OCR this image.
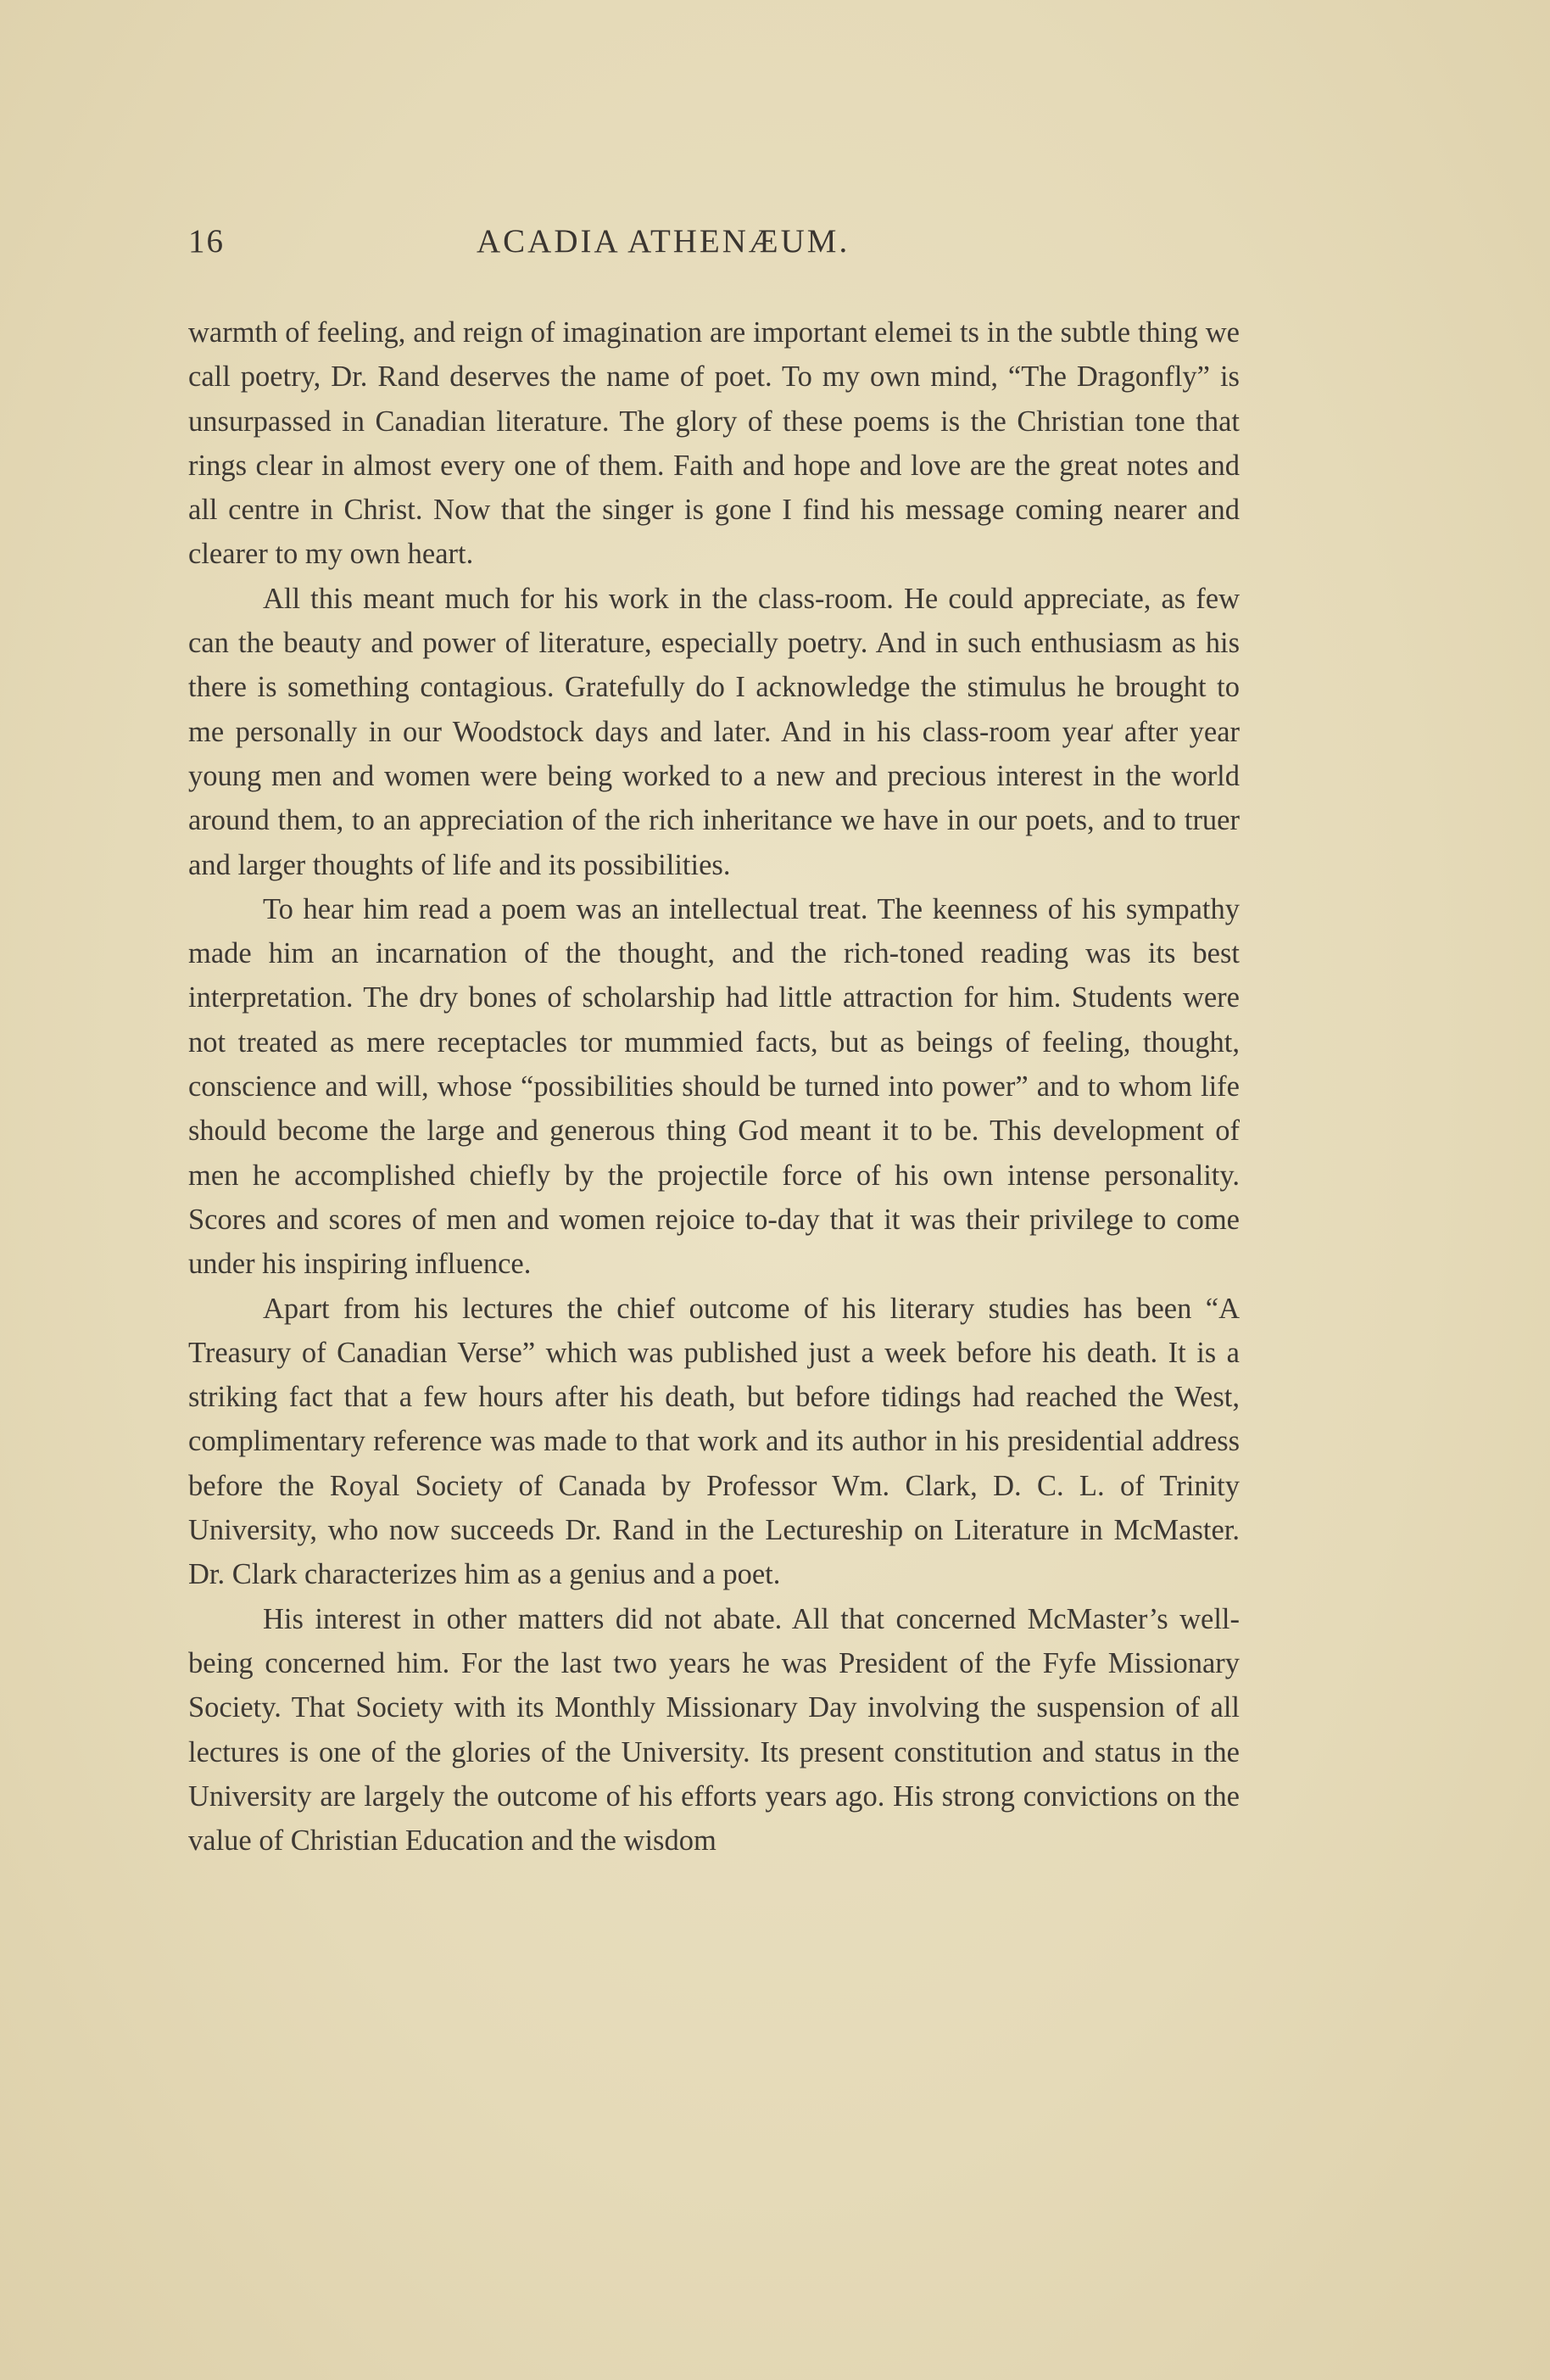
16	ACADIA ATHENÆUM.

warmth of feeling, and reign of imagination are important elemei ts in the subtle thing we call poetry, Dr. Rand deserves the name of poet. To my own mind, “The Dragonfly” is unsurpassed in Canadian literature. The glory of these poems is the Christian tone that rings clear in almost every one of them. Faith and hope and love are the great notes and all centre in Christ. Now that the singer is gone I find his message coming nearer and clearer to my own heart.

All this meant much for his work in the class-room. He could appreciate, as few can the beauty and power of literature, especially poetry. And in such enthusiasm as his there is something contagious. Gratefully do I acknowledge the stimulus he brought to me personally in our Woodstock days and later. And in his class-room yeaґ after year young men and women were being worked to a new and precious interest in the world around them, to an appreciation of the rich inheritance we have in our poets, and to truer and larger thoughts of life and its possibilities.

To hear him read a poem was an intellectual treat. The keenness of his sympathy made him an incarnation of the thought, and the rich-toned reading was its best interpretation. The dry bones of scholarship had little attraction for him. Students were not treated as mere receptacles tor mummied facts, but as beings of feeling, thought, conscience and will, whose “possibilities should be turned into power” and to whom life should become the large and generous thing God meant it to be. This development of men he accomplished chiefly by the projectile force of his own intense personality. Scores and scores of men and women rejoice to-day that it was their privilege to come under his inspiring influence.

Apart from his lectures the chief outcome of his literary studies has been “A Treasury of Canadian Verse” which was published just a week before his death. It is a striking fact that a few hours after his death, but before tidings had reached the West, complimentary reference was made to that work and its author in his presidential address before the Royal Society of Canada by Professor Wm. Clark, D. C. L. of Trinity University, who now succeeds Dr. Rand in the Lectureship on Literature in McMaster. Dr. Clark characterizes him as a genius and a poet.

His interest in other matters did not abate. All that concerned McMaster’s well-being concerned him. For the last two years he was President of the Fyfe Missionary Society. That Society with its Monthly Missionary Day involving the suspension of all lectures is one of the glories of the University. Its present constitution and status in the University are largely the outcome of his efforts years ago. His strong convictions on the value of Christian Education and the wisdom
